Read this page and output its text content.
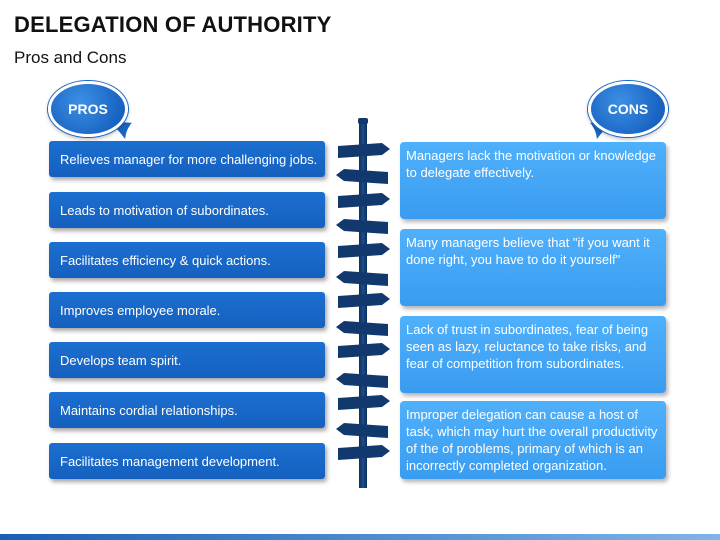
DELEGATION OF AUTHORITY
Pros and Cons
PROS	CONS
Relieves manager for more challenging jobs.
Leads to motivation of subordinates.
Facilitates efficiency & quick actions.
Improves employee morale.
Develops team spirit.
Maintains cordial relationships.
Facilitates management development.
Managers lack the motivation or knowledge to delegate effectively.
Many managers believe that "if you want it done right, you have to do it yourself"
Lack of trust in subordinates, fear of being seen as lazy, reluctance to take risks, and fear of competition from subordinates.
Improper delegation can cause a host of task, which may hurt the overall productivity of the of problems, primary of which is an incorrectly completed organization.
